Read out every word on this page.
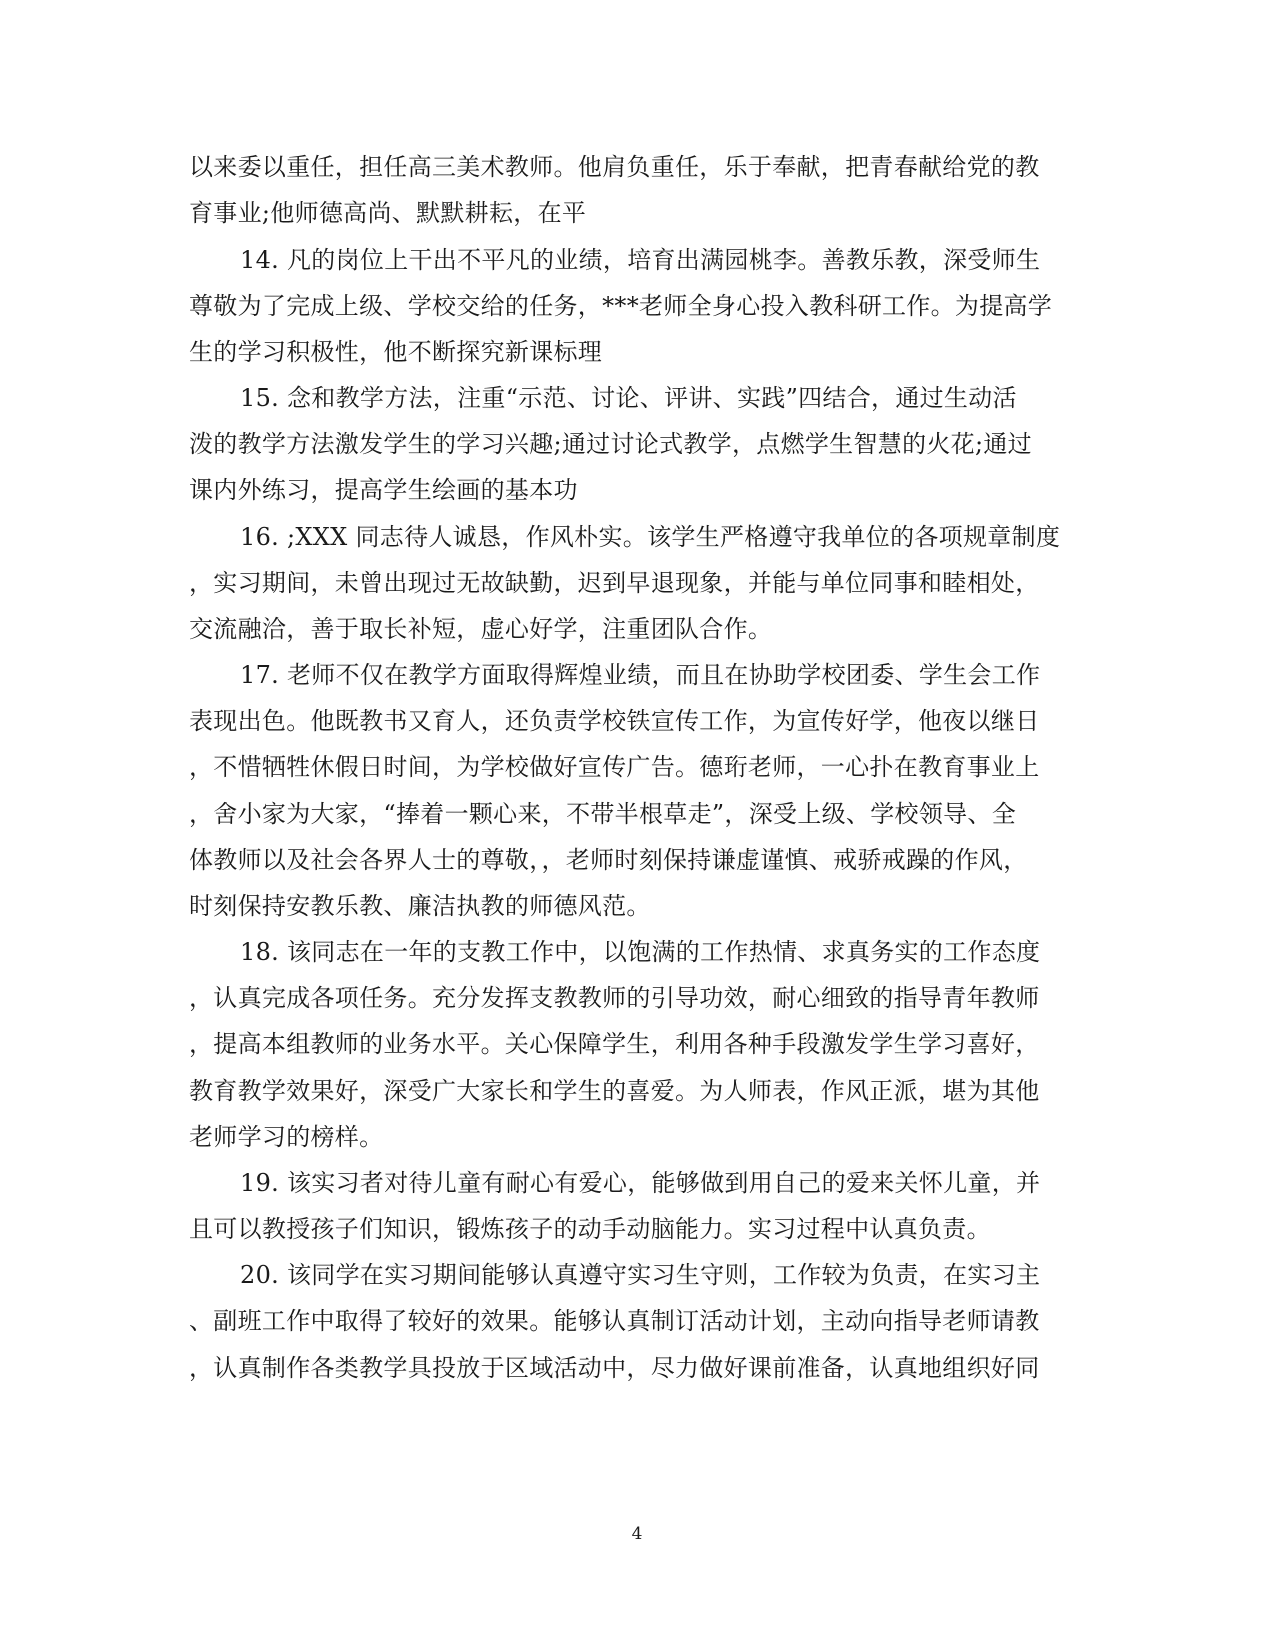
以来委以重任，担任高三美术教师。他肩负重任，乐于奉献，把青春献给党的教
育事业;他师德高尚、默默耕耘，在平
14. 凡的岗位上干出不平凡的业绩，培育出满园桃李。善教乐教，深受师生
尊敬为了完成上级、学校交给的任务，***老师全身心投入教科研工作。为提高学
生的学习积极性，他不断探究新课标理
15. 念和教学方法，注重“示范、讨论、评讲、实践”四结合，通过生动活
泼的教学方法激发学生的学习兴趣;通过讨论式教学，点燃学生智慧的火花;通过
课内外练习，提高学生绘画的基本功
16. ;XXX 同志待人诚恳，作风朴实。该学生严格遵守我单位的各项规章制度
，实习期间，未曾出现过无故缺勤，迟到早退现象，并能与单位同事和睦相处，
交流融洽，善于取长补短，虚心好学，注重团队合作。
17. 老师不仅在教学方面取得辉煌业绩，而且在协助学校团委、学生会工作
表现出色。他既教书又育人，还负责学校铁宣传工作，为宣传好学，他夜以继日
，不惜牺牲休假日时间，为学校做好宣传广告。德珩老师，一心扑在教育事业上
，舍小家为大家，“捧着一颗心来，不带半根草走”，深受上级、学校领导、全
体教师以及社会各界人士的尊敬，，老师时刻保持谦虚谨慎、戒骄戒躁的作风，
时刻保持安教乐教、廉洁执教的师德风范。
18. 该同志在一年的支教工作中，以饱满的工作热情、求真务实的工作态度
，认真完成各项任务。充分发挥支教教师的引导功效，耐心细致的指导青年教师
，提高本组教师的业务水平。关心保障学生，利用各种手段激发学生学习喜好，
教育教学效果好，深受广大家长和学生的喜爱。为人师表，作风正派，堪为其他
老师学习的榜样。
19. 该实习者对待儿童有耐心有爱心，能够做到用自己的爱来关怀儿童，并
且可以教授孩子们知识，锻炼孩子的动手动脑能力。实习过程中认真负责。
20. 该同学在实习期间能够认真遵守实习生守则，工作较为负责，在实习主
、副班工作中取得了较好的效果。能够认真制订活动计划，主动向指导老师请教
，认真制作各类教学具投放于区域活动中，尽力做好课前准备，认真地组织好同
4
